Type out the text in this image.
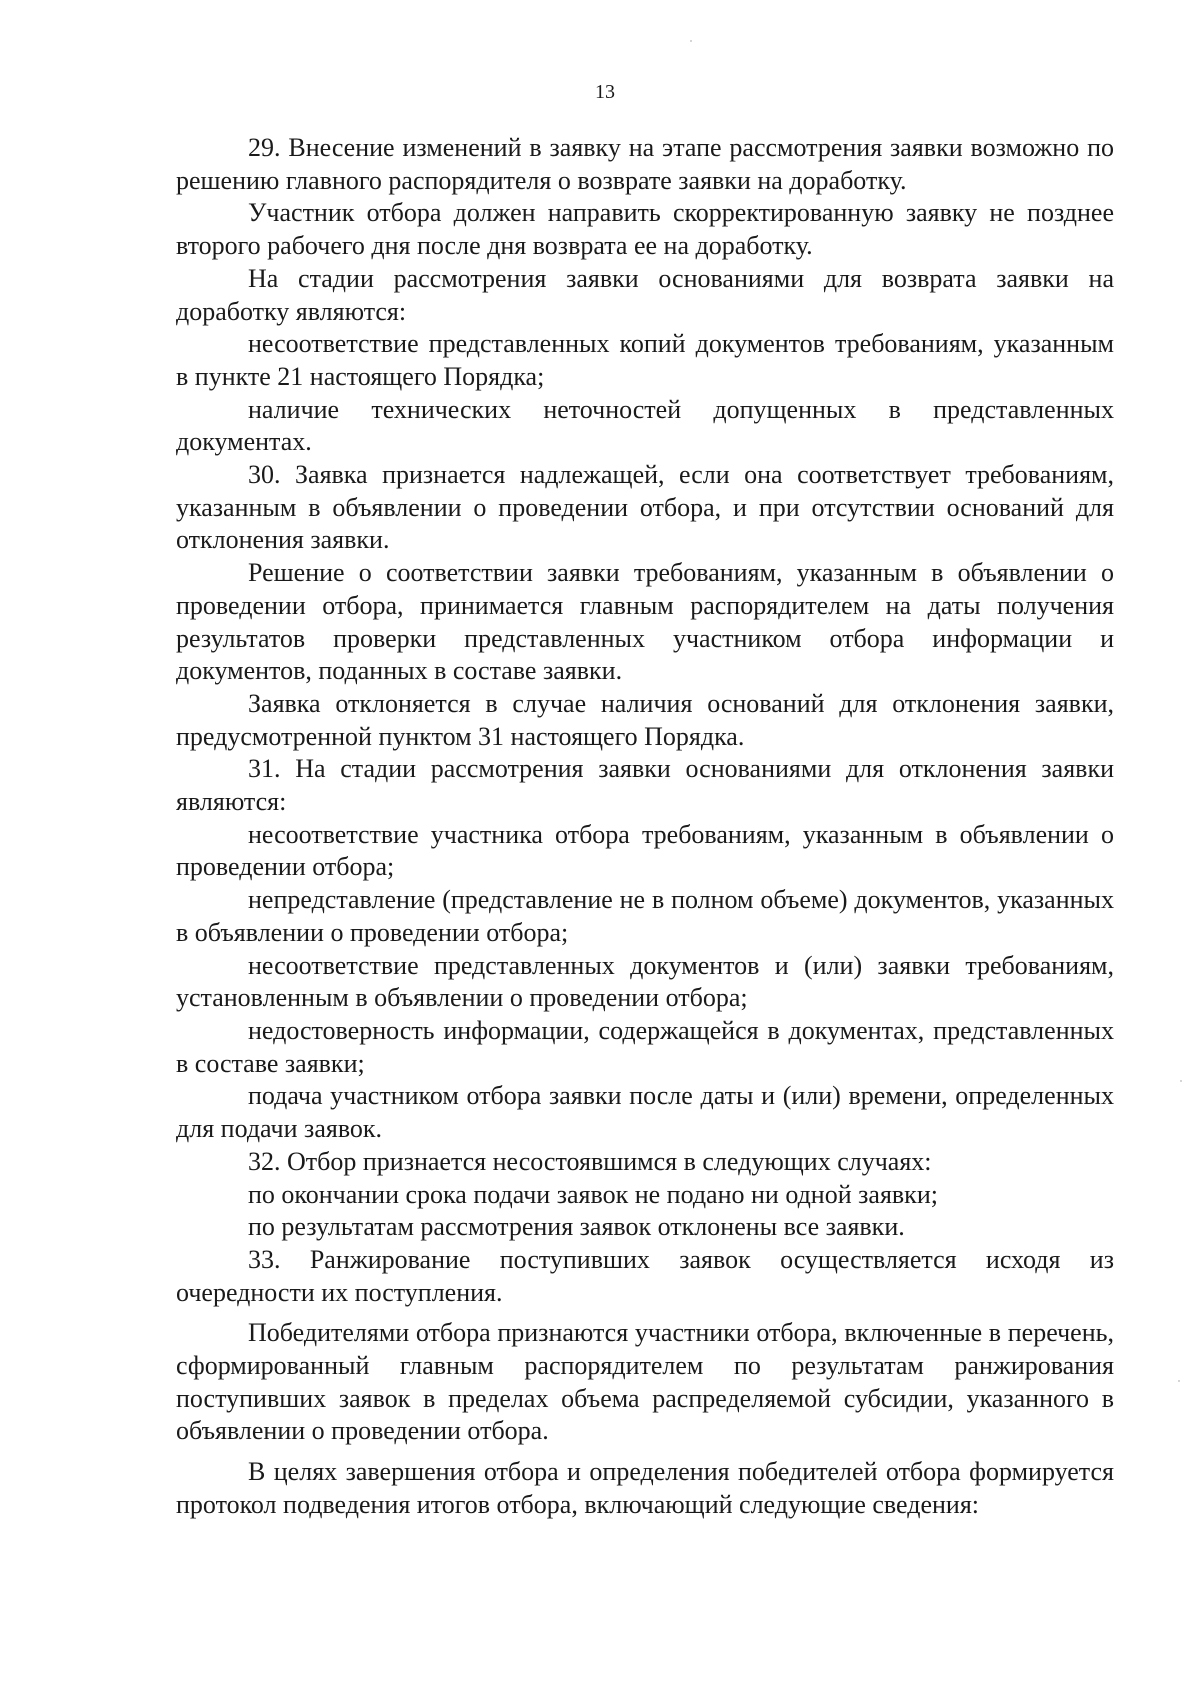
13

29. Внесение изменений в заявку на этапе рассмотрения заявки возможно по решению главного распорядителя о возврате заявки на доработку.

Участник отбора должен направить скорректированную заявку не позднее второго рабочего дня после дня возврата ее на доработку.

На стадии рассмотрения заявки основаниями для возврата заявки на доработку являются:

несоответствие представленных копий документов требованиям, указанным в пункте 21 настоящего Порядка;

наличие технических неточностей допущенных в представленных документах.

30. Заявка признается надлежащей, если она соответствует требованиям, указанным в объявлении о проведении отбора, и при отсутствии оснований для отклонения заявки.

Решение о соответствии заявки требованиям, указанным в объявлении о проведении отбора, принимается главным распорядителем на даты получения результатов проверки представленных участником отбора информации и документов, поданных в составе заявки.

Заявка отклоняется в случае наличия оснований для отклонения заявки, предусмотренной пунктом 31 настоящего Порядка.

31. На стадии рассмотрения заявки основаниями для отклонения заявки являются:

несоответствие участника отбора требованиям, указанным в объявлении о проведении отбора;

непредставление (представление не в полном объеме) документов, указанных в объявлении о проведении отбора;

несоответствие представленных документов и (или) заявки требованиям, установленным в объявлении о проведении отбора;

недостоверность информации, содержащейся в документах, представленных в составе заявки;

подача участником отбора заявки после даты и (или) времени, определенных для подачи заявок.

32. Отбор признается несостоявшимся в следующих случаях:

по окончании срока подачи заявок не подано ни одной заявки;

по результатам рассмотрения заявок отклонены все заявки.

33. Ранжирование поступивших заявок осуществляется исходя из очередности их поступления.

Победителями отбора признаются участники отбора, включенные в перечень, сформированный главным распорядителем по результатам ранжирования поступивших заявок в пределах объема распределяемой субсидии, указанного в объявлении о проведении отбора.

В целях завершения отбора и определения победителей отбора формируется протокол подведения итогов отбора, включающий следующие сведения:
